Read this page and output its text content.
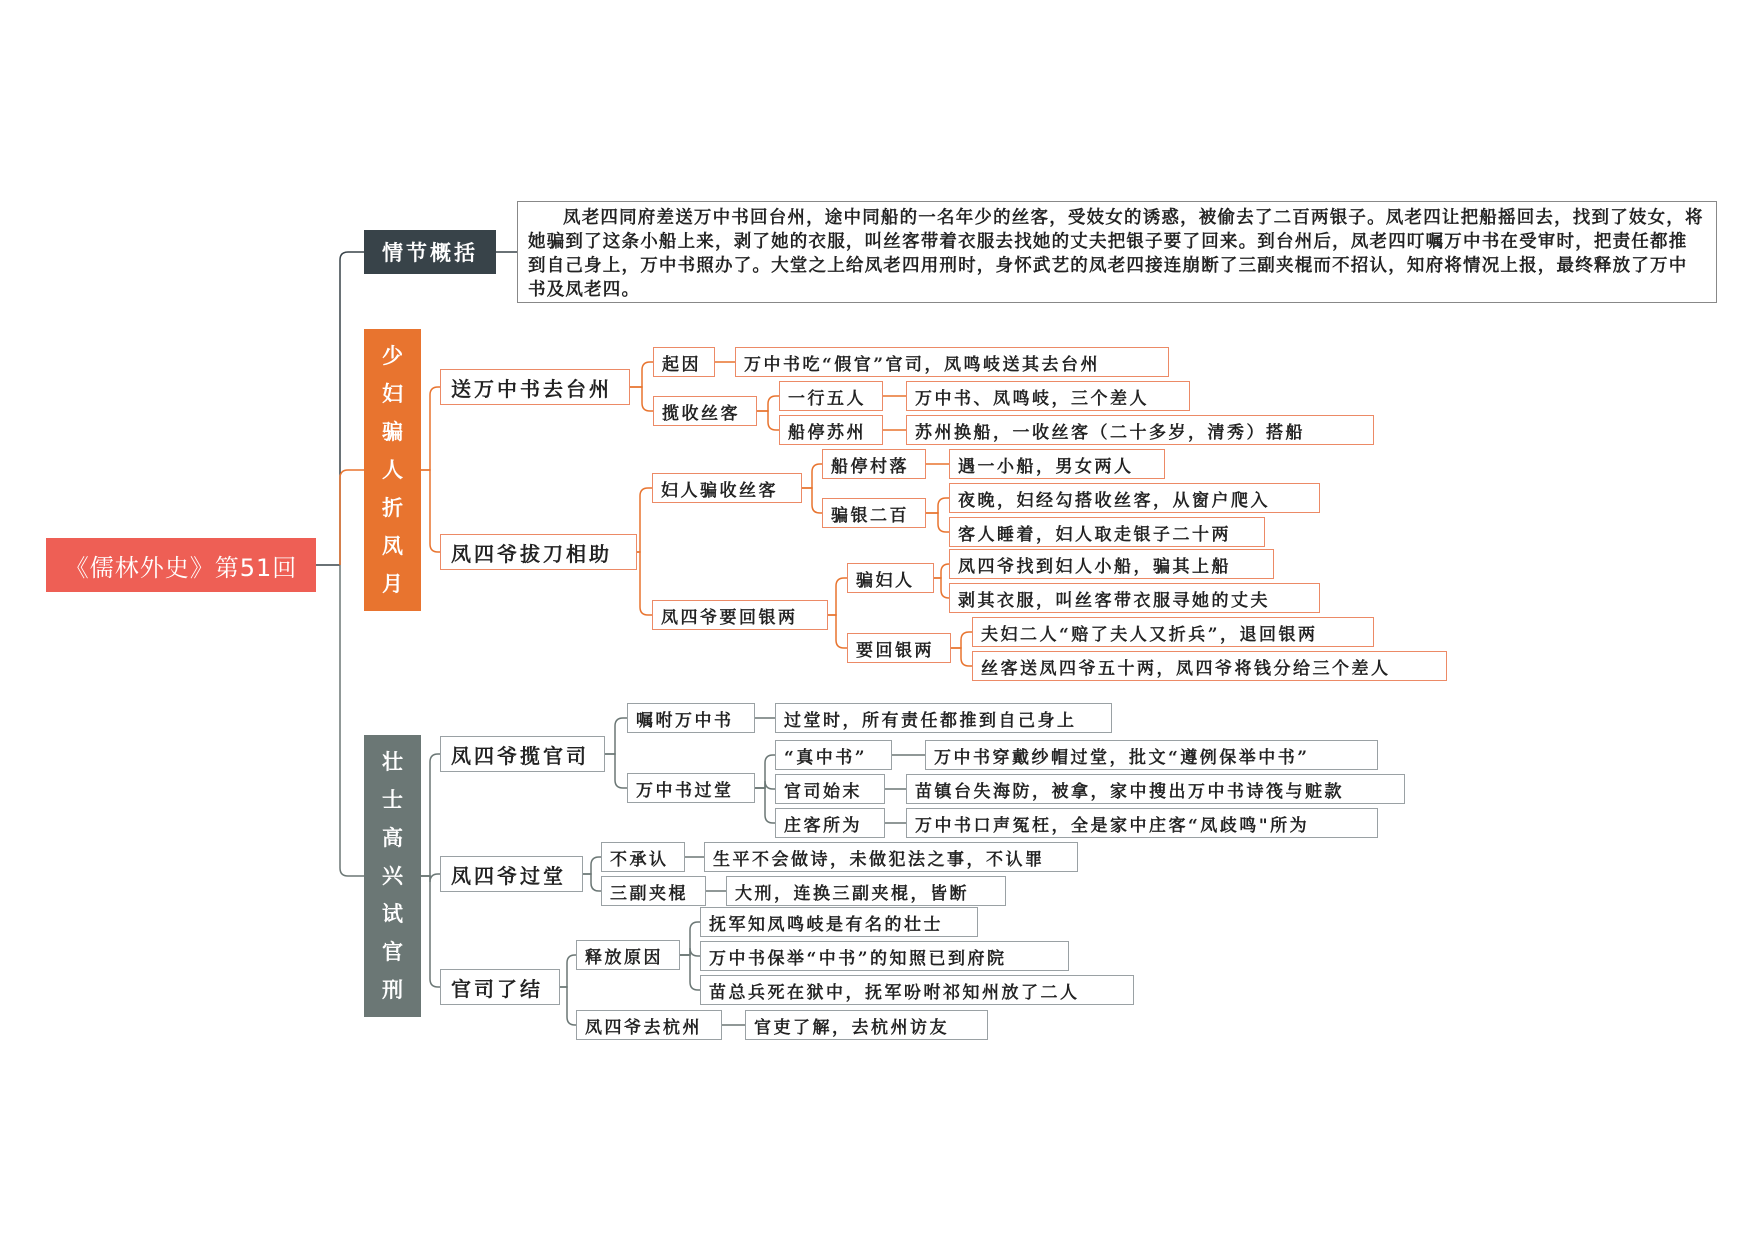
《儒林外史》第51回
情节概括
凤老四同府差送万中书回台州，途中同船的一名年少的丝客，受妓女的诱惑，被偷去了二百两银子。凤老四让把船摇回去，找到了妓女，将她骗到了这条小船上来，剥了她的衣服，叫丝客带着衣服去找她的丈夫把银子要了回来。到台州后，凤老四叮嘱万中书在受审时，把责任都推到自己身上，万中书照办了。大堂之上给凤老四用刑时，身怀武艺的凤老四接连崩断了三副夹棍而不招认，知府将情况上报，最终释放了万中书及凤老四。
少
妇
骗
人
折
凤
月
壮
士
高
兴
试
官
刑
送万中书去台州
起因	万中书吃“假官”官司，凤鸣岐送其去台州
揽收丝客
一行五人	万中书、凤鸣岐，三个差人
船停苏州	苏州换船，一收丝客（二十多岁，清秀）搭船
凤四爷拔刀相助
妇人骗收丝客
船停村落	遇一小船，男女两人
骗银二百
夜晚，妇经勾搭收丝客，从窗户爬入
客人睡着，妇人取走银子二十两
凤四爷要回银两
骗妇人
凤四爷找到妇人小船，骗其上船
剥其衣服，叫丝客带衣服寻她的丈夫
要回银两
凤四爷揽官司
嘱咐万中书	过堂时，所有责任都推到自己身上
万中书过堂
“真中书”	万中书穿戴纱帽过堂，批文“遵例保举中书”
官司始末	苗镇台失海防，被拿，家中搜出万中书诗筏与赃款
庄客所为	万中书口声冤枉，全是家中庄客“凤歧鸣"所为
凤四爷过堂
不承认	生平不会做诗，未做犯法之事，不认罪
三副夹棍	大刑，连换三副夹棍，皆断
官司了结
释放原因
抚军知凤鸣岐是有名的壮士
万中书保举“中书”的知照已到府院
苗总兵死在狱中，抚军吩咐祁知州放了二人
凤四爷去杭州	官吏了解，去杭州访友
夫妇二人“赔了夫人又折兵”，退回银两
丝客送凤四爷五十两，凤四爷将钱分给三个差人
